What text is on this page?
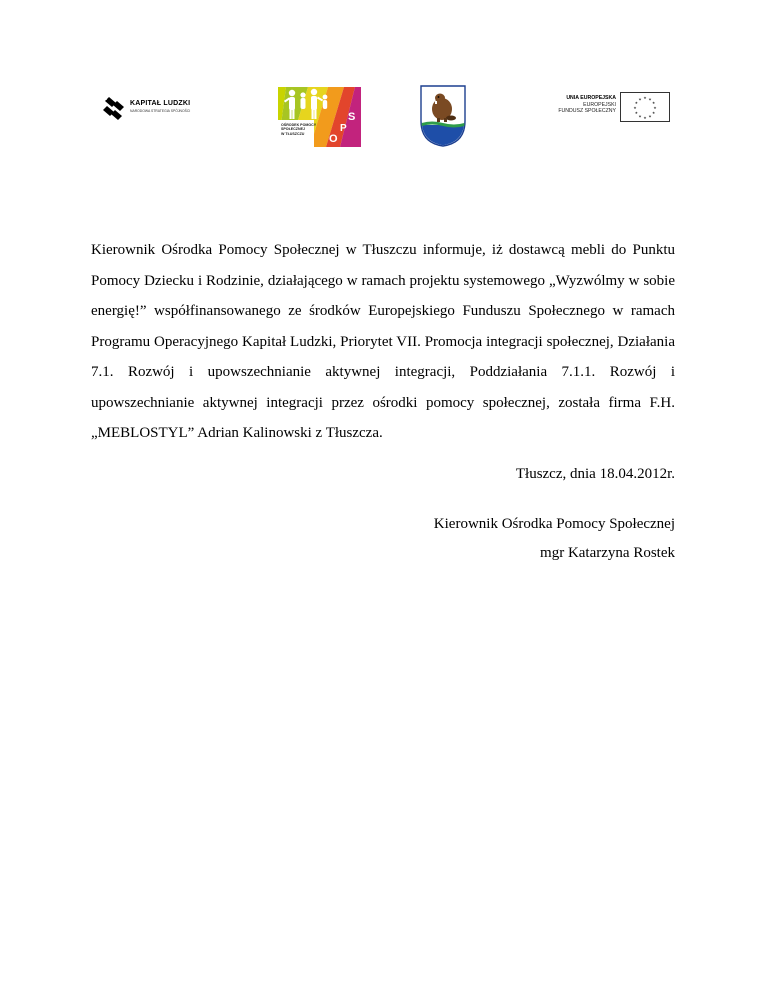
KAPITAŁ LUDZKI
NARODOWA STRATEGIA SPÓJNOŚCI	S
P
O
OŚRODEK POMOCY
SPOŁECZNEJ
W TŁUSZCZU
UNIA EUROPEJSKA
EUROPEJSKI
FUNDUSZ SPOŁECZNY
★ ★
★
★
★
★
★
★
★
★
★
★

Kierownik Ośrodka Pomocy Społecznej w Tłuszczu informuje, iż dostawcą mebli do Punktu Pomocy Dziecku i Rodzinie, działającego w ramach projektu systemowego „Wyzwólmy w sobie energię!” współfinansowanego ze środków Europejskiego Funduszu Społecznego w ramach Programu Operacyjnego Kapitał Ludzki, Priorytet VII. Promocja integracji społecznej, Działania 7.1. Rozwój i upowszechnianie aktywnej integracji, Poddziałania 7.1.1. Rozwój i upowszechnianie aktywnej integracji przez ośrodki pomocy społecznej, została firma F.H. „MEBLOSTYL” Adrian Kalinowski z Tłuszcza.

Tłuszcz, dnia 18.04.2012r.

Kierownik Ośrodka Pomocy Społecznej
mgr Katarzyna Rostek
